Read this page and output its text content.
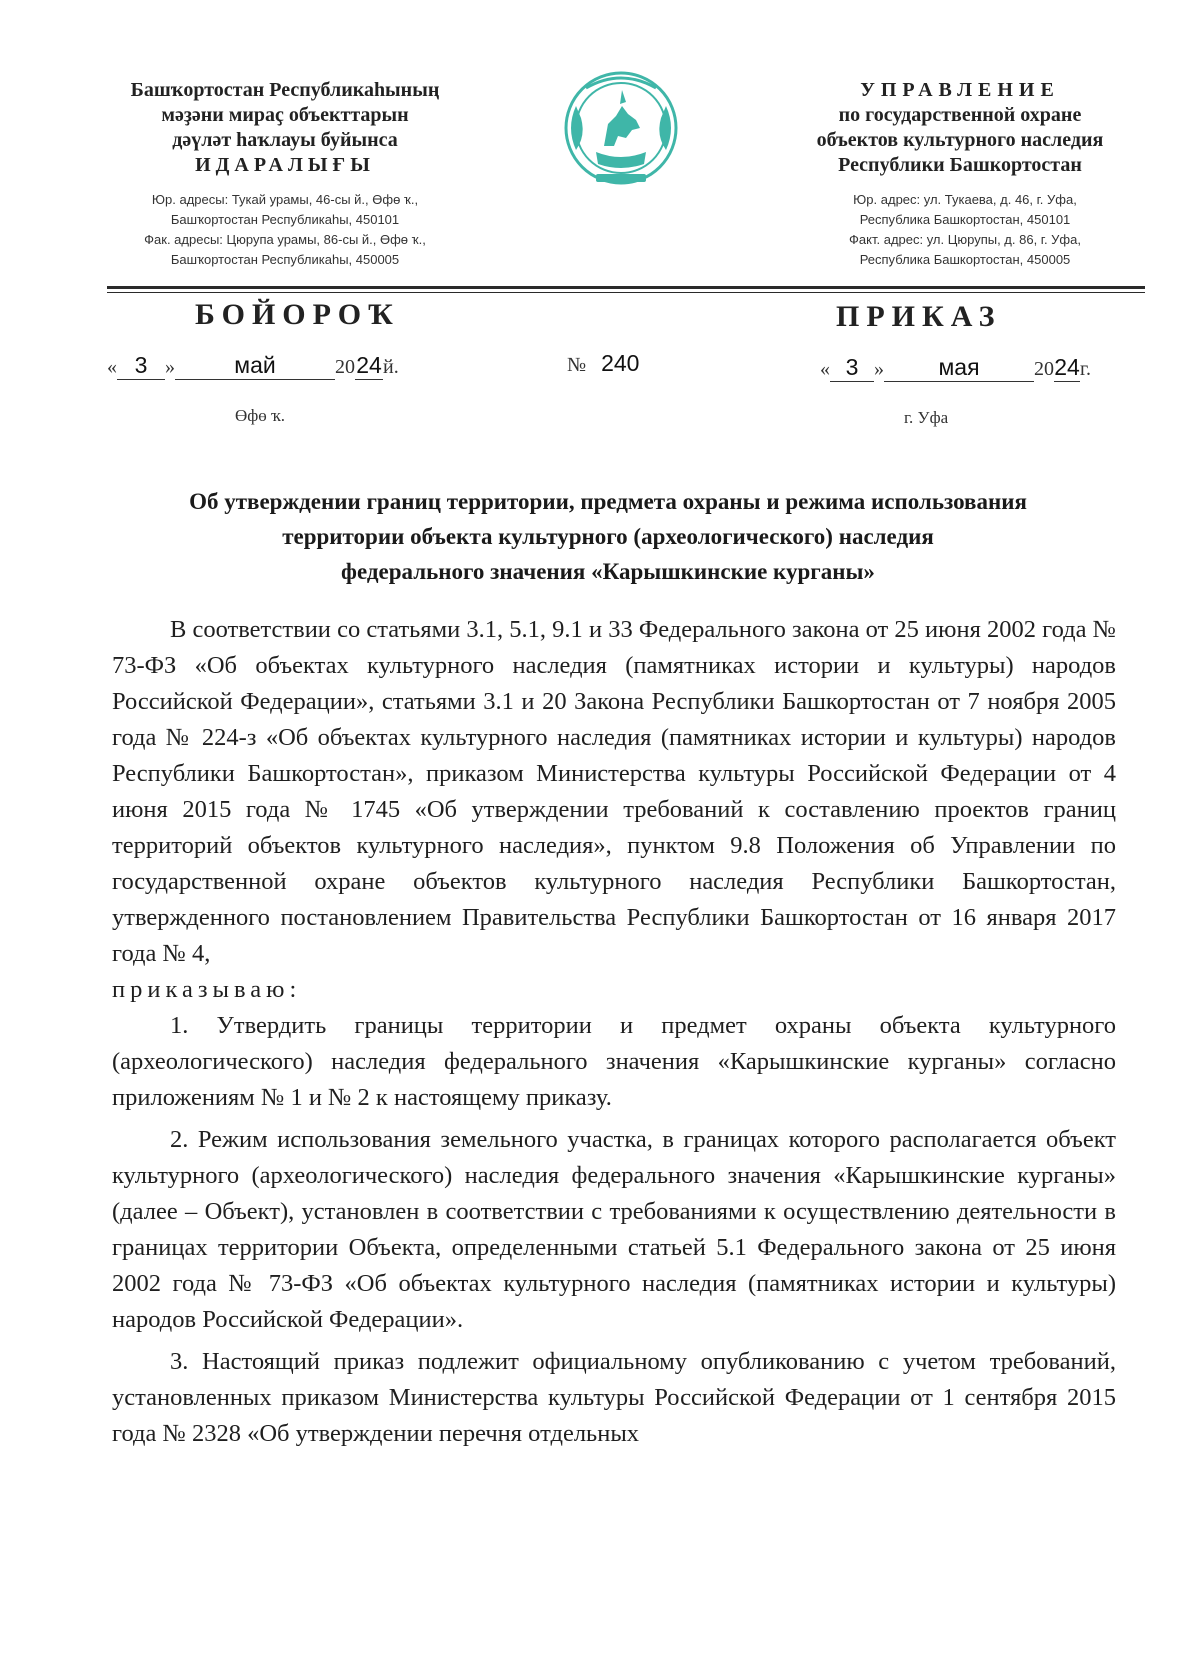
Башҡортостан Республикаһының
мәҙәни мираҫ объекттарын
дәүләт һаҡлауы буйынса
ИДАРАЛЫҒЫ
Юр. адресы: Тукай урамы, 46-сы й., Өфө ҡ.,
Башҡортостан Республикаһы, 450101
Фак. адресы: Цюрупа урамы, 86-сы й., Өфө ҡ.,
Башҡортостан Республикаһы, 450005
УПРАВЛЕНИЕ
по государственной охране
объектов культурного наследия
Республики Башкортостан
Юр. адрес: ул. Тукаева, д. 46, г. Уфа,
Республика Башкортостан, 450101
Факт. адрес: ул. Цюрупы, д. 86, г. Уфа,
Республика Башкортостан, 450005
БОЙОРОҠ	ПРИКАЗ
« 3 »	май	2024й.	№ 240	« 3 » мая	2024г.
Өфө ҡ.	г. Уфа
Об утверждении границ территории, предмета охраны и режима использования
территории объекта культурного (археологического) наследия
федерального значения «Карышкинские курганы»

В соответствии со статьями 3.1, 5.1, 9.1 и 33 Федерального закона от 25 июня 2002 года № 73-ФЗ «Об объектах культурного наследия (памятниках истории и культуры) народов Российской Федерации», статьями 3.1 и 20 Закона Республики Башкортостан от 7 ноября 2005 года № 224-з «Об объектах культурного наследия (памятниках истории и культуры) народов Республики Башкортостан», приказом Министерства культуры Российской Федерации от 4 июня 2015 года № 1745 «Об утверждении требований к составлению проектов границ территорий объектов культурного наследия», пунктом 9.8 Положения об Управлении по государственной охране объектов культурного наследия Республики Башкортостан, утвержденного постановлением Правительства Республики Башкортостан от 16 января 2017 года № 4,

приказываю:

1. Утвердить границы территории и предмет охраны объекта культурного (археологического) наследия федерального значения «Карышкинские курганы» согласно приложениям № 1 и № 2 к настоящему приказу.

2. Режим использования земельного участка, в границах которого располагается объект культурного (археологического) наследия федерального значения «Карышкинские курганы» (далее – Объект), установлен в соответствии с требованиями к осуществлению деятельности в границах территории Объекта, определенными статьей 5.1 Федерального закона от 25 июня 2002 года № 73-ФЗ «Об объектах культурного наследия (памятниках истории и культуры) народов Российской Федерации».

3. Настоящий приказ подлежит официальному опубликованию с учетом требований, установленных приказом Министерства культуры Российской Федерации от 1 сентября 2015 года № 2328 «Об утверждении перечня отдельных
